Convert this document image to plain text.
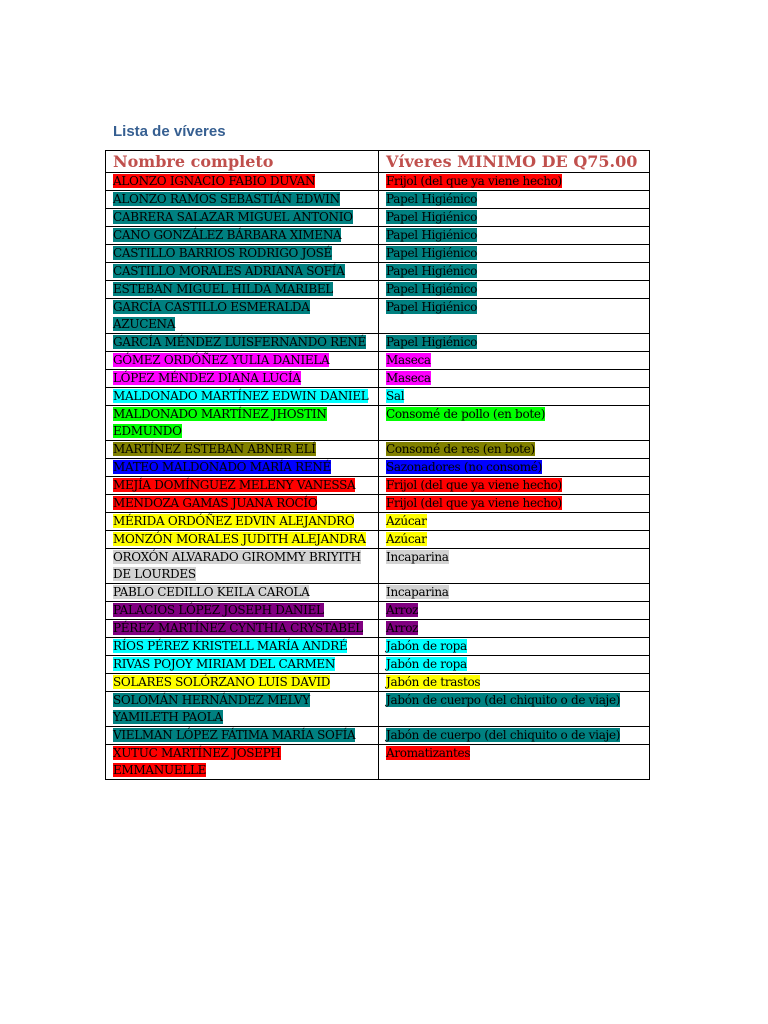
Lista de víveres
Nombre completo	Víveres MINIMO DE Q75.00
ALONZO IGNACIO FABIO DUVAN	Frijol (del que ya viene hecho)
ALONZO RAMOS SEBASTIÁN EDWIN	Papel Higiénico
CABRERA SALAZAR MIGUEL ANTONIO	Papel Higiénico
CANO GONZÁLEZ BÁRBARA XIMENA	Papel Higiénico
CASTILLO BARRIOS RODRIGO JOSÉ	Papel Higiénico
CASTILLO MORALES ADRIANA SOFÍA	Papel Higiénico
ESTEBAN MIGUEL HILDA MARIBEL	Papel Higiénico
GARCÍA CASTILLO ESMERALDA AZUCENA	Papel Higiénico
GARCÍA MÉNDEZ LUISFERNANDO RENÉ	Papel Higiénico
GÓMEZ ORDÓÑEZ YULIA DANIELA	Maseca
LÓPEZ MÉNDEZ DIANA LUCÍA	Maseca
MALDONADO MARTÍNEZ EDWIN DANIEL	Sal
MALDONADO MARTÍNEZ JHOSTIN EDMUNDO	Consomé de pollo (en bote)
MARTÍNEZ ESTEBAN ABNER ELÍ	Consomé de res (en bote)
MATEO MALDONADO MARÍA RENÉ	Sazonadores (no consomé)
MEJÍA DOMÍNGUEZ MELENY VANESSA	Frijol (del que ya viene hecho)
MENDOZA GAMAS JUANA ROCÍO	Frijol (del que ya viene hecho)
MÉRIDA ORDÓÑEZ EDVIN ALEJANDRO	Azúcar
MONZÓN MORALES JUDITH ALEJANDRA	Azúcar
OROXÓN ALVARADO GIROMMY BRIYITH DE LOURDES	Incaparina
PABLO CEDILLO KEILA CAROLA	Incaparina
PALACIOS LÓPEZ JOSEPH DANIEL	Arroz
PÉREZ MARTÍNEZ CYNTHIA CRYSTABEL	Arroz
RÍOS PÉREZ KRISTELL MARÍA ANDRÉ	Jabón de ropa
RIVAS POJOY MIRIAM DEL CARMEN	Jabón de ropa
SOLARES SOLÓRZANO LUIS DAVID	Jabón de trastos
SOLOMÁN HERNÁNDEZ MELVY YAMILETH PAOLA	Jabón de cuerpo (del chiquito o de viaje)
VIELMAN LÓPEZ FÁTIMA MARÍA SOFÍA	Jabón de cuerpo (del chiquito o de viaje)
XUTUC MARTÍNEZ JOSEPH EMMANUELLE	Aromatizantes
